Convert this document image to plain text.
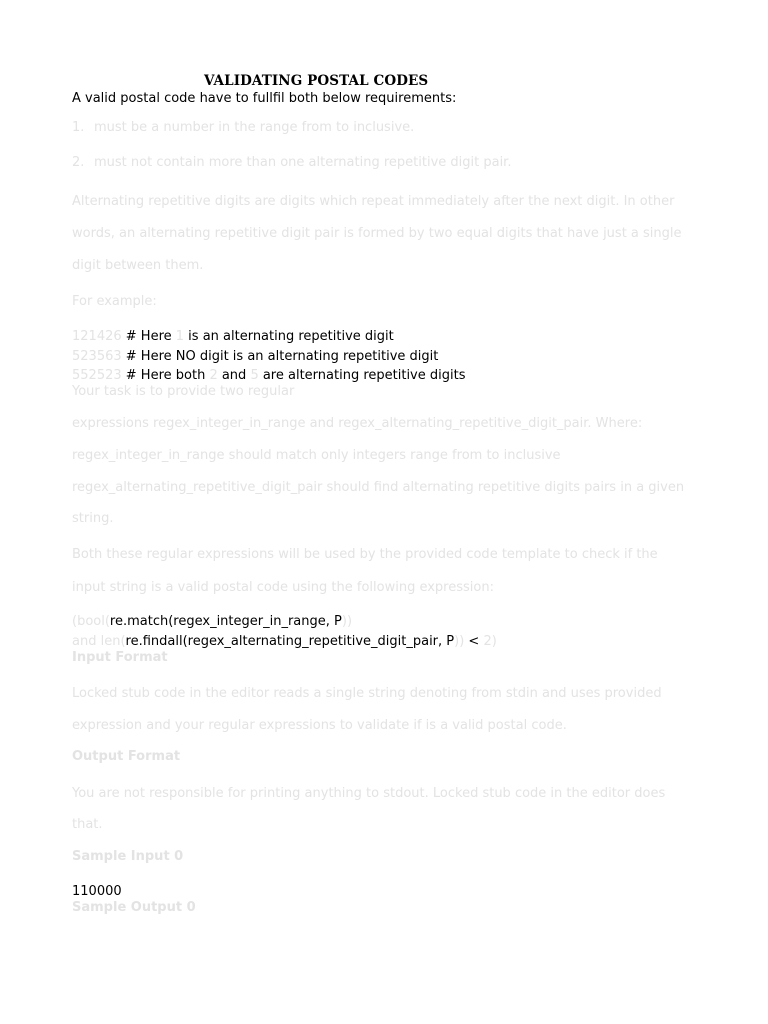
VALIDATING POSTAL CODES
A valid postal code have to fullfil both below requirements:
1. must be a number in the range from to inclusive.
2. must not contain more than one alternating repetitive digit pair.
Alternating repetitive digits are digits which repeat immediately after the next digit. In other
words, an alternating repetitive digit pair is formed by two equal digits that have just a single
digit between them.
For example:
121426 # Here 1 is an alternating repetitive digit
523563 # Here NO digit is an alternating repetitive digit
552523 # Here both 2 and 5 are alternating repetitive digits
Your task is to provide two regular
expressions regex_integer_in_range and regex_alternating_repetitive_digit_pair. Where:
regex_integer_in_range should match only integers range from to inclusive
regex_alternating_repetitive_digit_pair should find alternating repetitive digits pairs in a given
string.
Both these regular expressions will be used by the provided code template to check if the
input string is a valid postal code using the following expression:
(bool(re.match(regex_integer_in_range, P))
and len(re.findall(regex_alternating_repetitive_digit_pair, P)) < 2)
Input Format
Locked stub code in the editor reads a single string denoting from stdin and uses provided
expression and your regular expressions to validate if is a valid postal code.
Output Format
You are not responsible for printing anything to stdout. Locked stub code in the editor does
that.
Sample Input 0
110000
Sample Output 0
